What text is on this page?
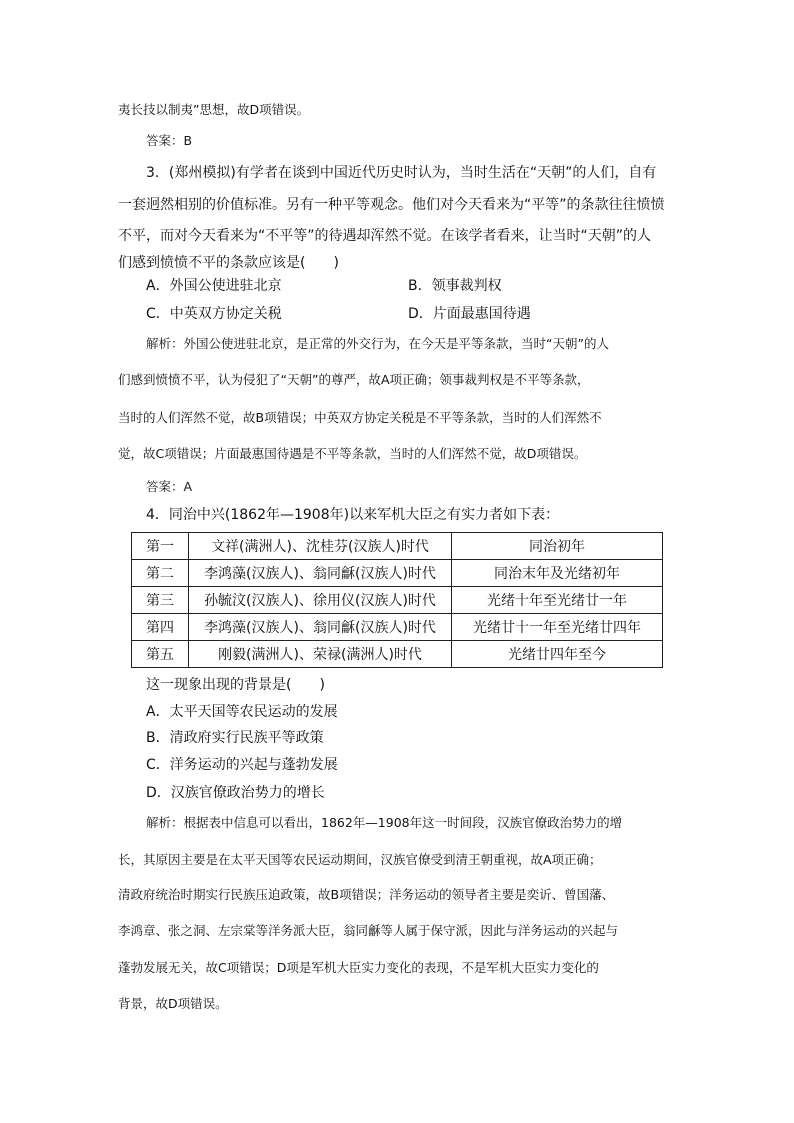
夷长技以制夷”思想，故D项错误。
答案：B
3．(郑州模拟)有学者在谈到中国近代历史时认为，当时生活在“天朝”的人们，自有
一套迥然相别的价值标准。另有一种平等观念。他们对今天看来为“平等”的条款往往愤愤
不平，而对今天看来为“不平等”的待遇却浑然不觉。在该学者看来，让当时“天朝”的人
们感到愤愤不平的条款应该是(　　)
A．外国公使进驻北京	B．领事裁判权
C．中英双方协定关税	D．片面最惠国待遇
解析：外国公使进驻北京，是正常的外交行为，在今天是平等条款，当时“天朝”的人
们感到愤愤不平，认为侵犯了“天朝”的尊严，故A项正确；领事裁判权是不平等条款，
当时的人们浑然不觉，故B项错误；中英双方协定关税是不平等条款，当时的人们浑然不
觉，故C项错误；片面最惠国待遇是不平等条款，当时的人们浑然不觉，故D项错误。
答案：A
4．同治中兴(1862年—1908年)以来军机大臣之有实力者如下表：
第一	文祥(满洲人)、沈桂芬(汉族人)时代	同治初年
第二	李鸿藻(汉族人)、翁同龢(汉族人)时代	同治末年及光绪初年
第三	孙毓汶(汉族人)、徐用仪(汉族人)时代	光绪十年至光绪廿一年
第四	李鸿藻(汉族人)、翁同龢(汉族人)时代	光绪廿十一年至光绪廿四年
第五	刚毅(满洲人)、荣禄(满洲人)时代	光绪廿四年至今
这一现象出现的背景是(　　)
A．太平天国等农民运动的发展
B．清政府实行民族平等政策
C．洋务运动的兴起与蓬勃发展
D．汉族官僚政治势力的增长
解析：根据表中信息可以看出，1862年—1908年这一时间段，汉族官僚政治势力的增
长，其原因主要是在太平天国等农民运动期间，汉族官僚受到清王朝重视，故A项正确；
清政府统治时期实行民族压迫政策，故B项错误；洋务运动的领导者主要是奕䜣、曾国藩、
李鸿章、张之洞、左宗棠等洋务派大臣，翁同龢等人属于保守派，因此与洋务运动的兴起与
蓬勃发展无关，故C项错误；D项是军机大臣实力变化的表现，不是军机大臣实力变化的
背景，故D项错误。
